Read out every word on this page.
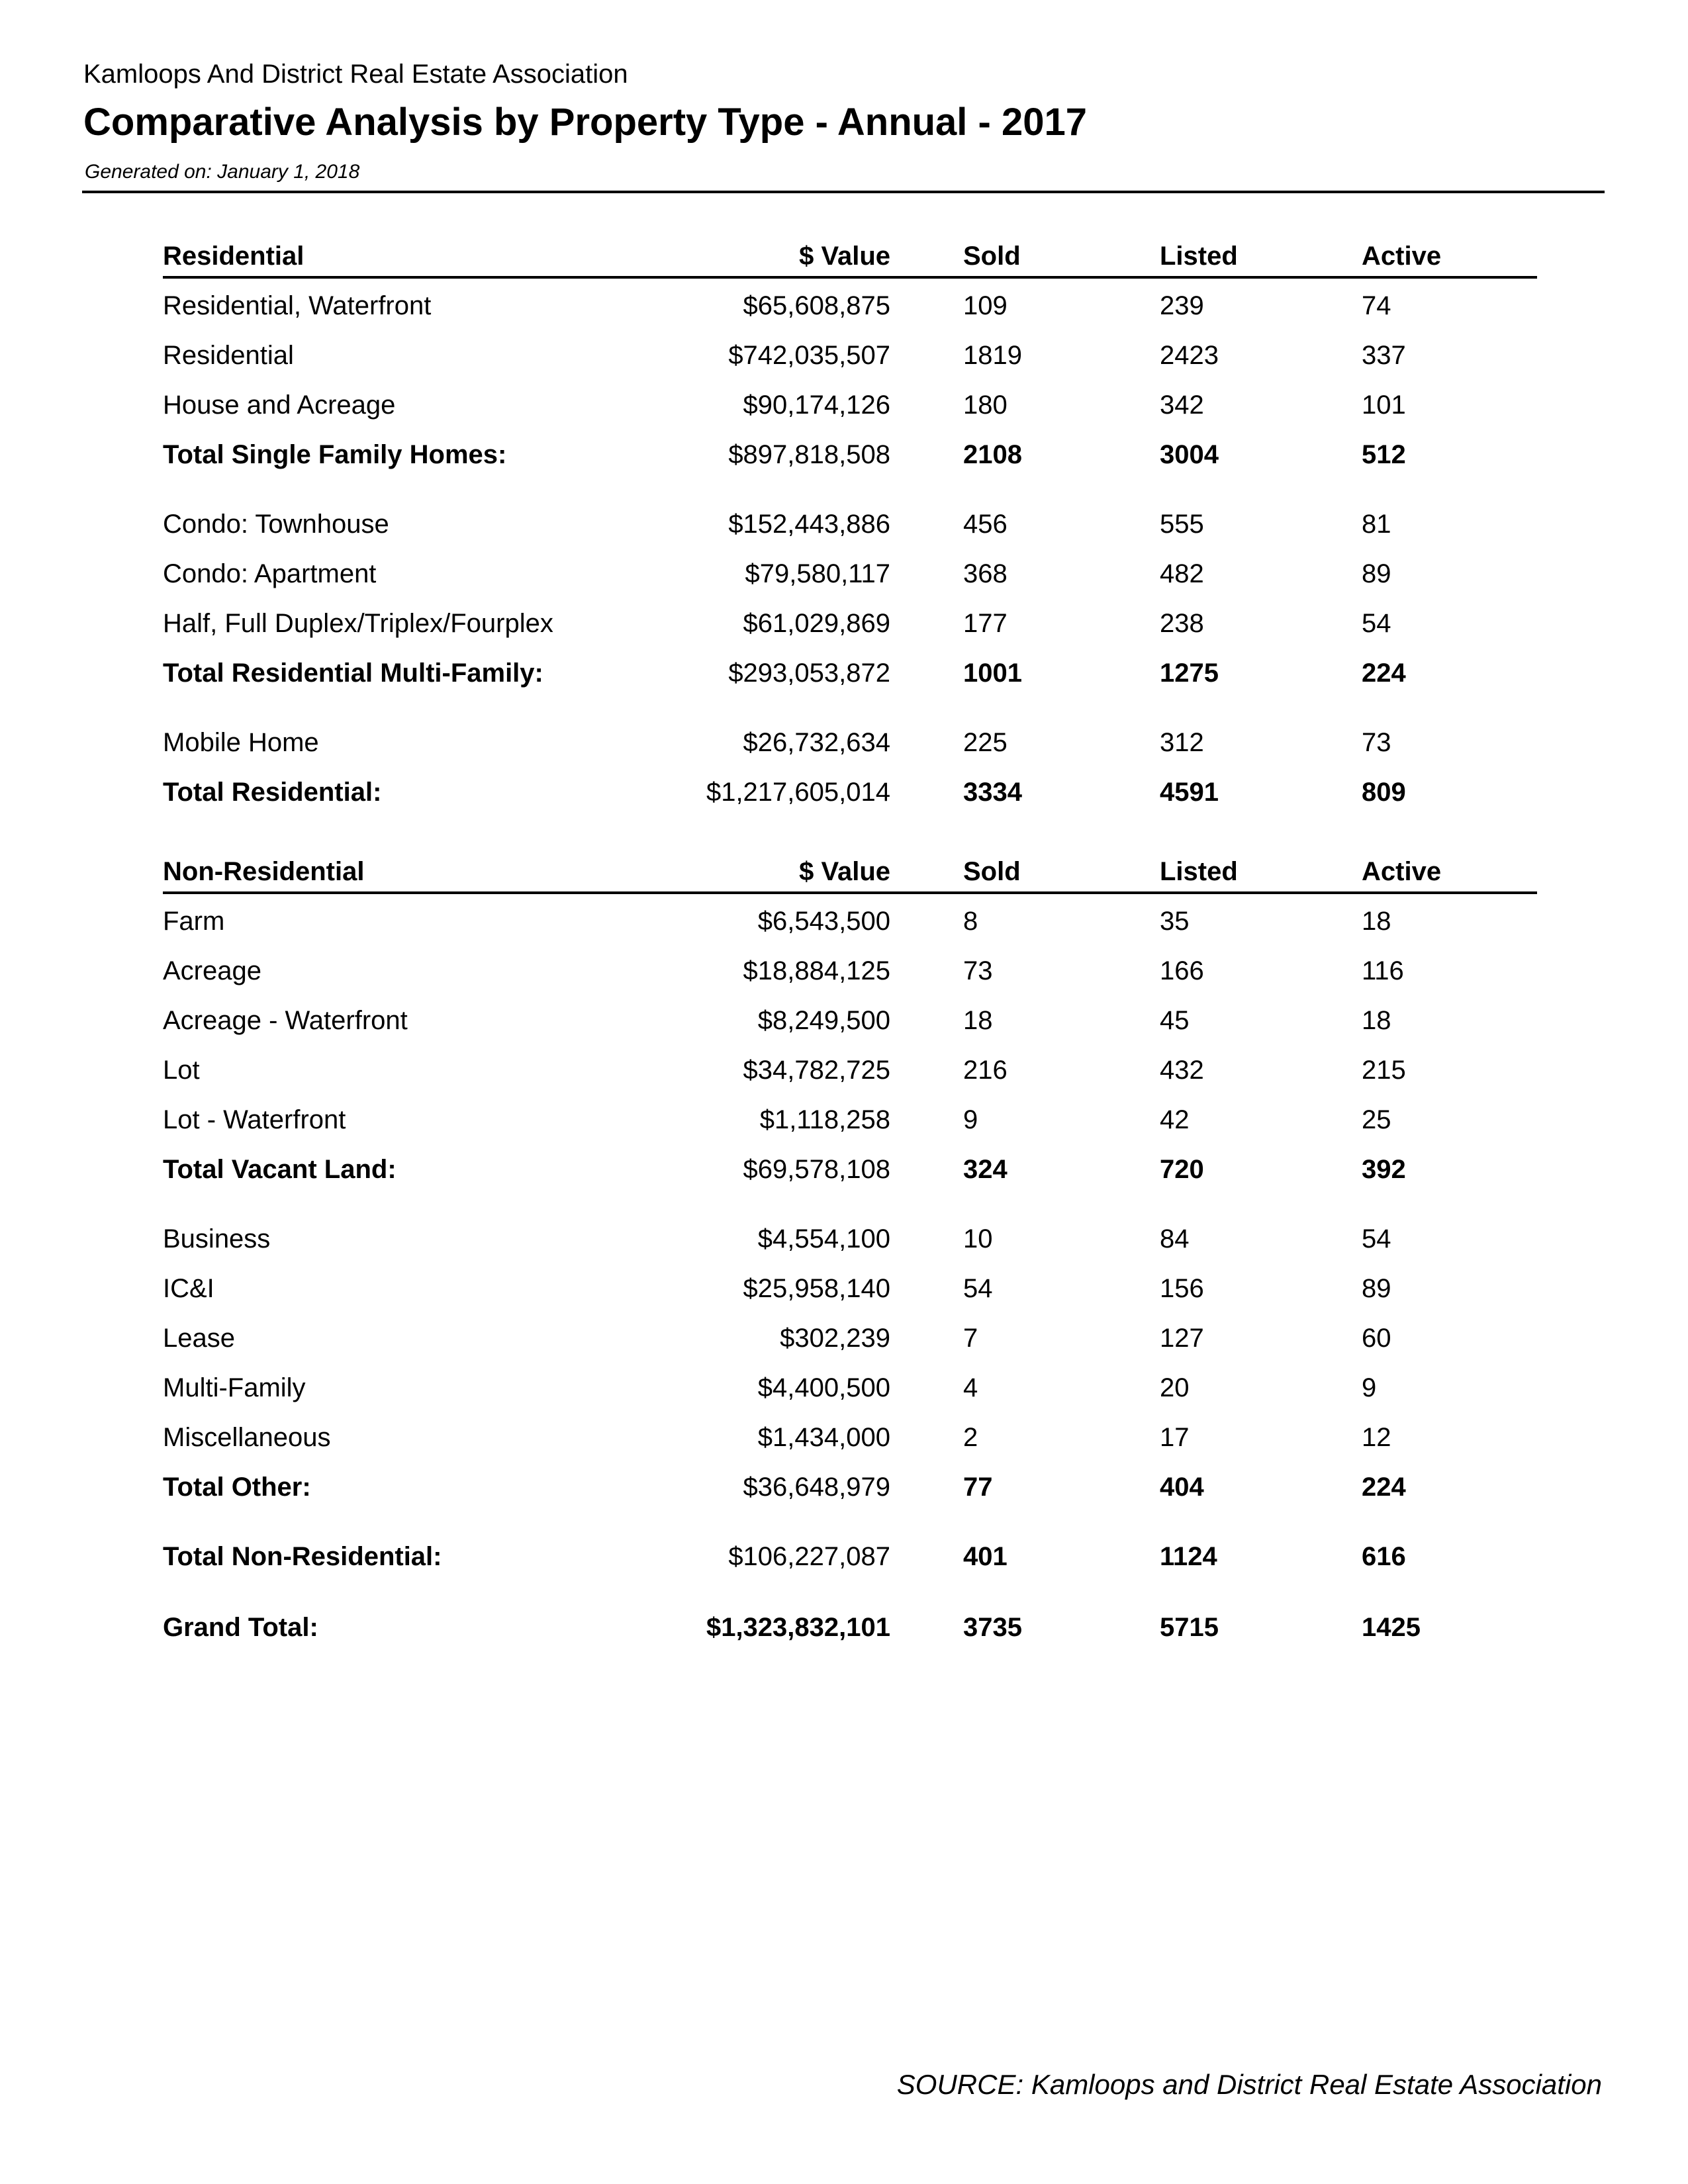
Kamloops And District Real Estate Association
Comparative Analysis by Property Type - Annual - 2017
Generated on: January 1, 2018
Residential	$ Value	Sold	Listed	Active
Residential, Waterfront	$65,608,875	109	239	74
Residential	$742,035,507	1819	2423	337
House and Acreage	$90,174,126	180	342	101
Total Single Family Homes:	$897,818,508	2108	3004	512
Condo: Townhouse	$152,443,886	456	555	81
Condo: Apartment	$79,580,117	368	482	89
Half, Full Duplex/Triplex/Fourplex	$61,029,869	177	238	54
Total Residential Multi-Family:	$293,053,872	1001	1275	224
Mobile Home	$26,732,634	225	312	73
Total Residential:	$1,217,605,014	3334	4591	809
Non-Residential	$ Value	Sold	Listed	Active
Farm	$6,543,500	8	35	18
Acreage	$18,884,125	73	166	116
Acreage - Waterfront	$8,249,500	18	45	18
Lot	$34,782,725	216	432	215
Lot - Waterfront	$1,118,258	9	42	25
Total Vacant Land:	$69,578,108	324	720	392
Business	$4,554,100	10	84	54
IC&I	$25,958,140	54	156	89
Lease	$302,239	7	127	60
Multi-Family	$4,400,500	4	20	9
Miscellaneous	$1,434,000	2	17	12
Total Other:	$36,648,979	77	404	224
Total Non-Residential:	$106,227,087	401	1124	616
Grand Total:	$1,323,832,101	3735	5715	1425
SOURCE: Kamloops and District Real Estate Association
